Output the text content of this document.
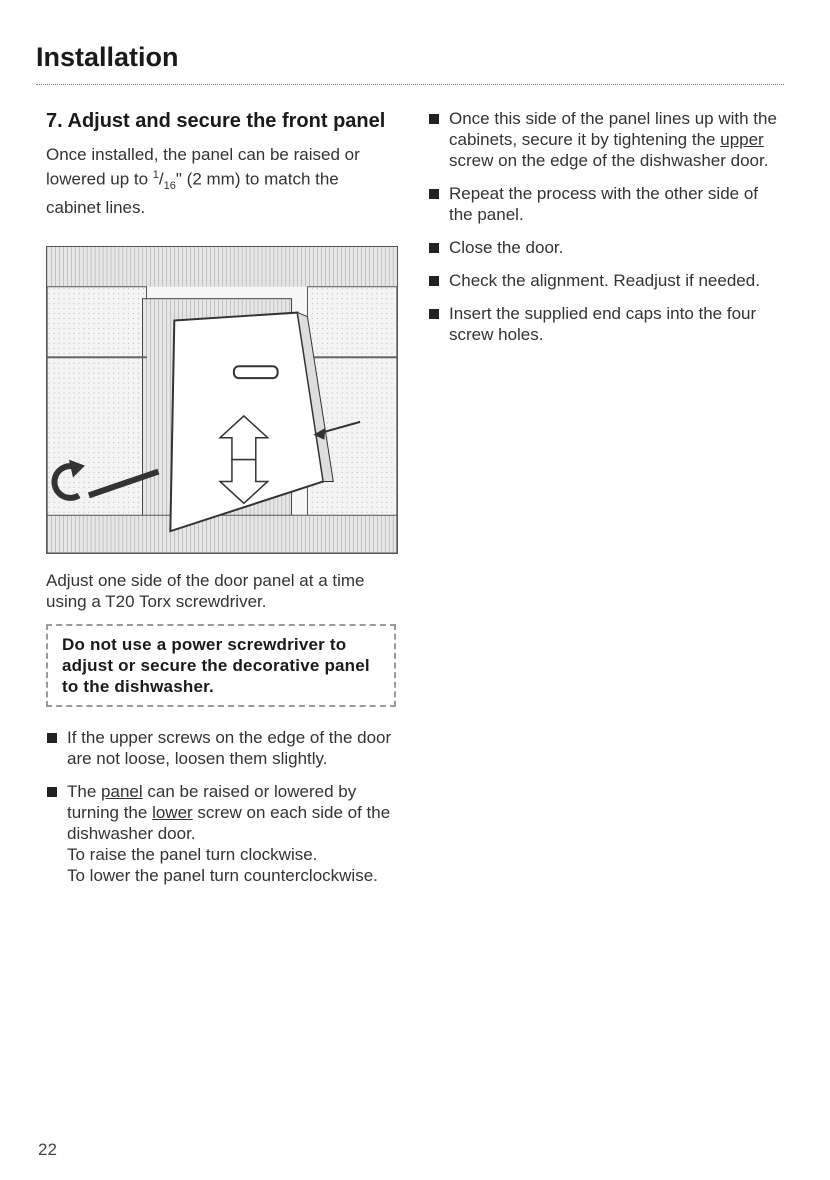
Installation
7. Adjust and secure the front panel

Once installed, the panel can be raised or lowered up to $^1/_{16}$" (2 mm) to match the cabinet lines.

Adjust one side of the door panel at a time using a T20 Torx screwdriver.

Do not use a power screwdriver to adjust or secure the decorative panel to the dishwasher.
If the upper screws on the edge of the door are not loose, loosen them slightly.
The panel can be raised or lowered by turning the lower screw on each side of the dishwasher door.
To raise the panel turn clockwise.
To lower the panel turn counterclockwise.
Once this side of the panel lines up with the cabinets, secure it by tightening the upper screw on the edge of the dishwasher door.
Repeat the process with the other side of the panel.
Close the door.
Check the alignment. Readjust if needed.
Insert the supplied end caps into the four screw holes.
22
